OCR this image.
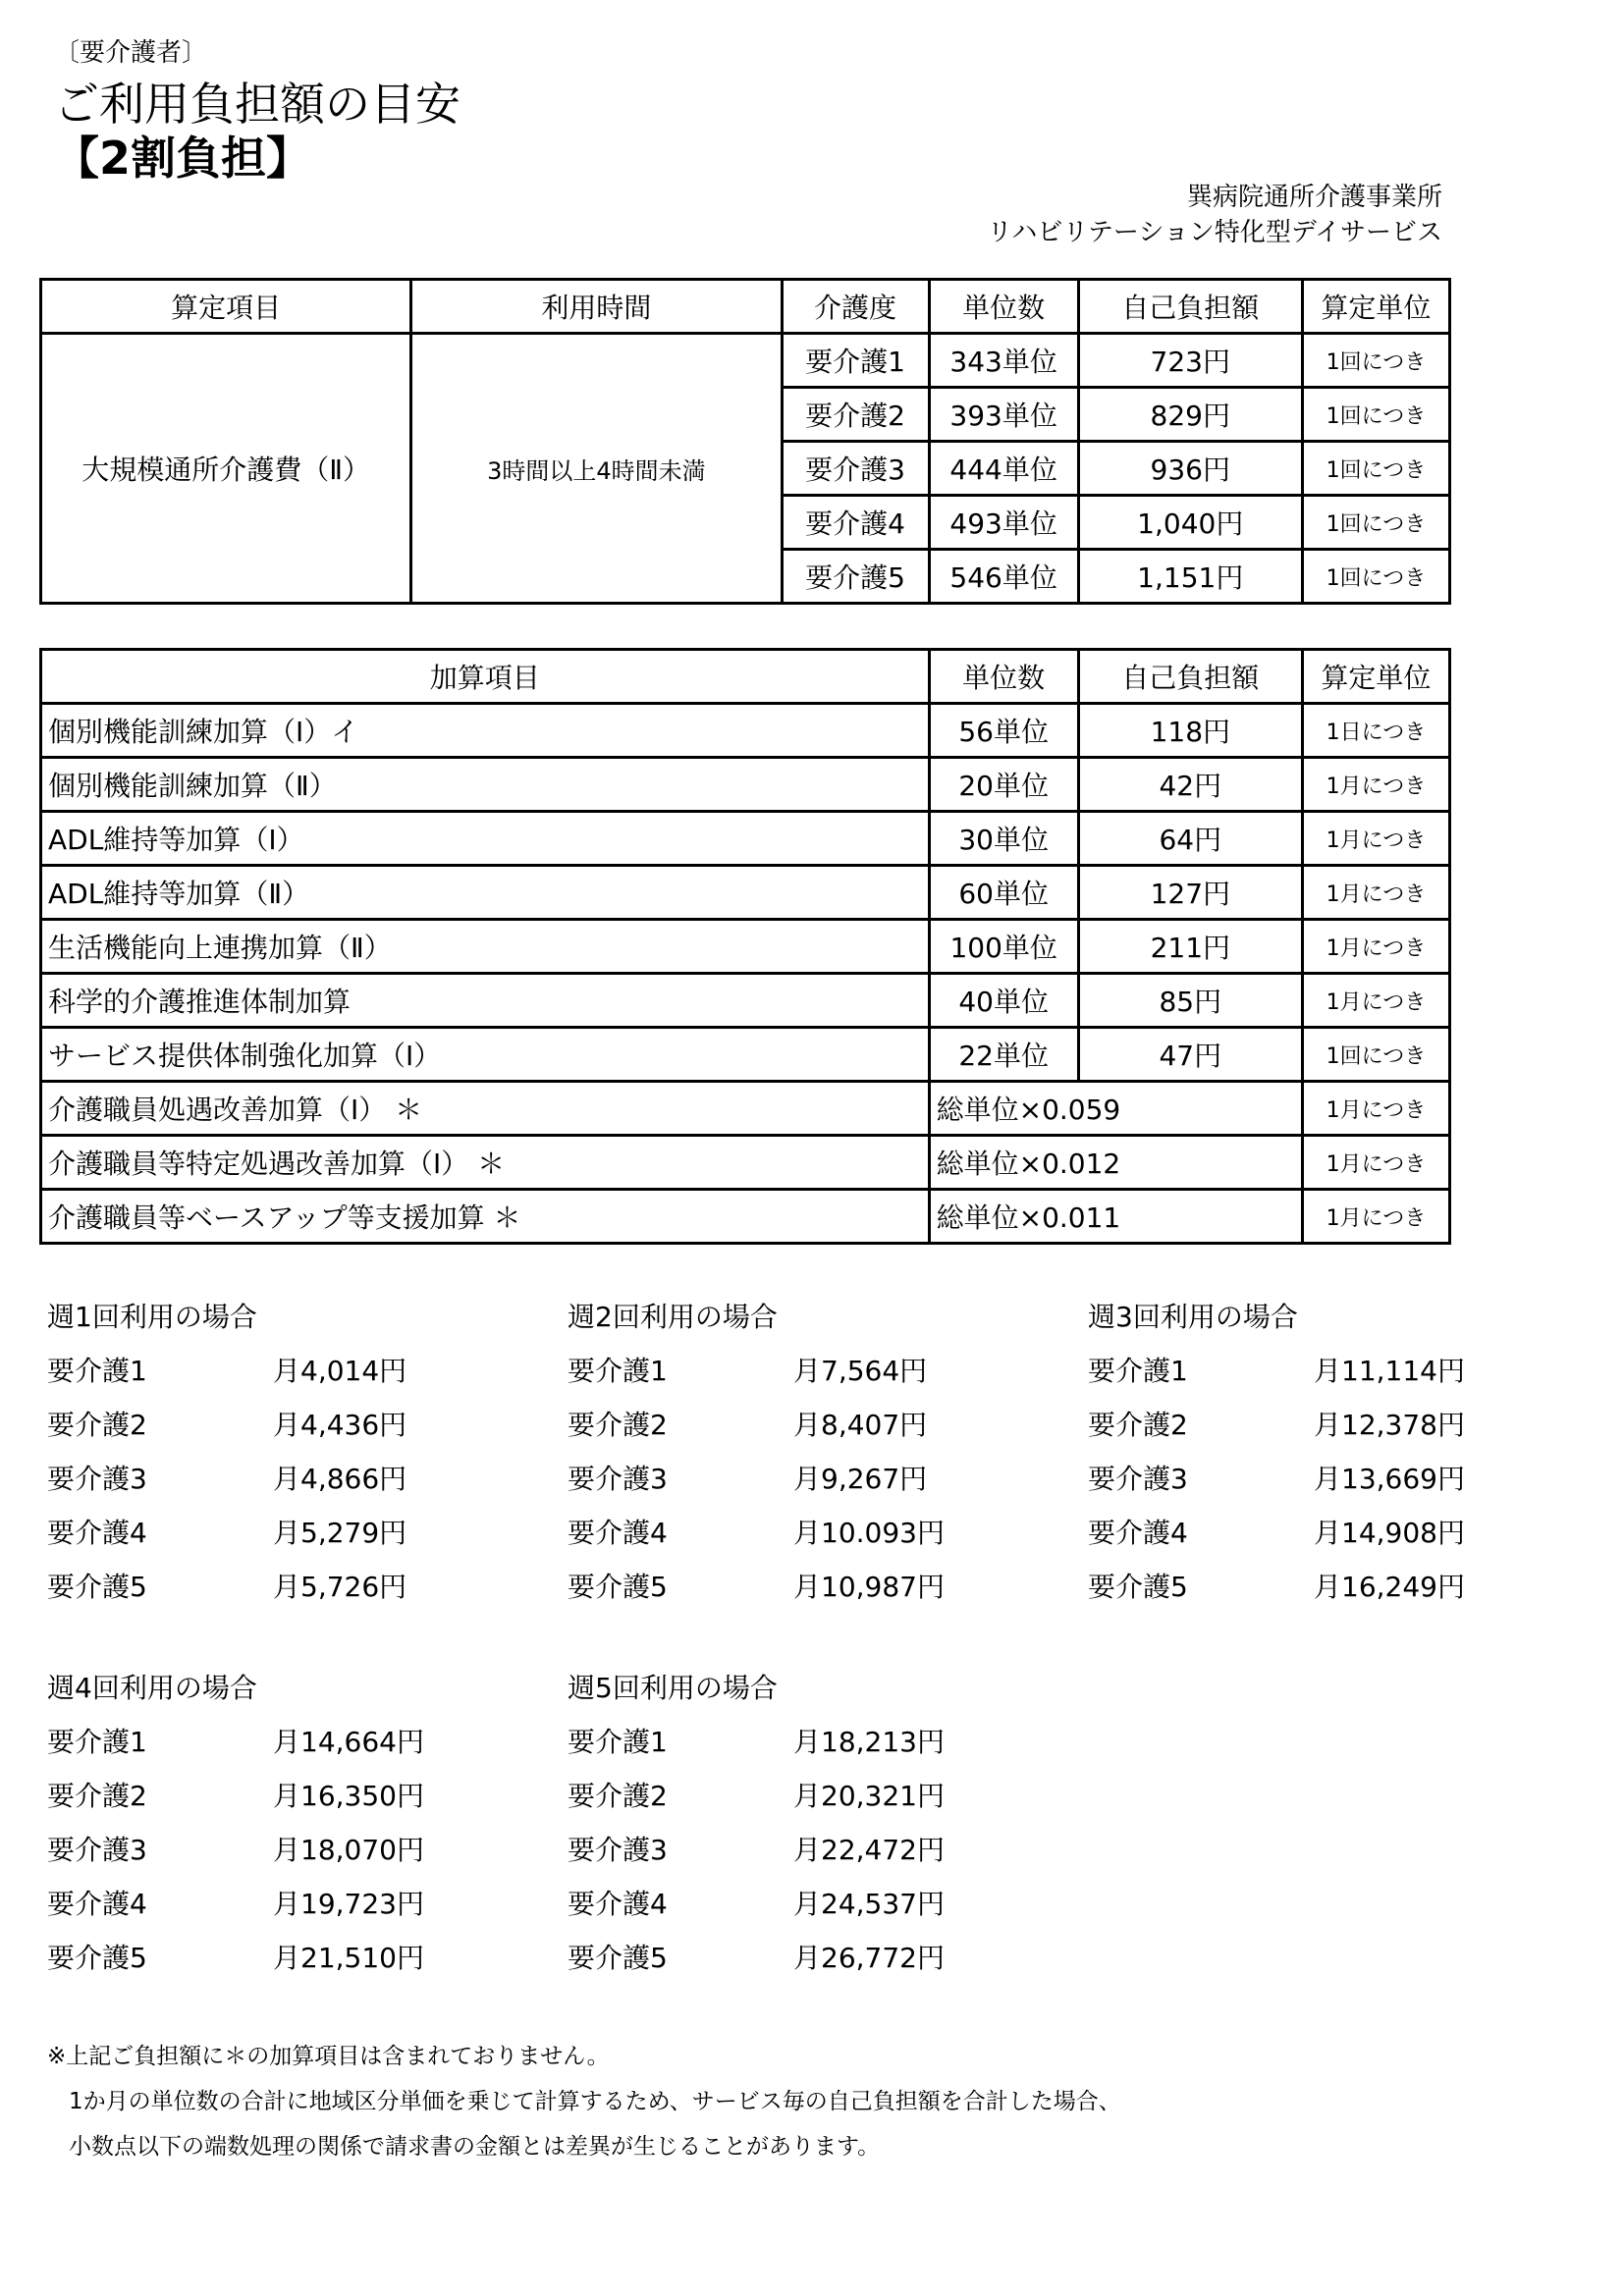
〔要介護者〕
ご利用負担額の目安
【2割負担】
巽病院通所介護事業所
リハビリテーション特化型デイサービス
算定項目	利用時間	介護度	単位数	自己負担額	算定単位
大規模通所介護費（Ⅱ）	3時間以上4時間未満	要介護1	343単位	723円	1回につき
		要介護2	393単位	829円	1回につき
		要介護3	444単位	936円	1回につき
		要介護4	493単位	1,040円	1回につき
		要介護5	546単位	1,151円	1回につき
加算項目	単位数	自己負担額	算定単位
個別機能訓練加算（Ⅰ）イ	56単位	118円	1日につき
個別機能訓練加算（Ⅱ）	20単位	42円	1月につき
ADL維持等加算（Ⅰ）	30単位	64円	1月につき
ADL維持等加算（Ⅱ）	60単位	127円	1月につき
生活機能向上連携加算（Ⅱ）	100単位	211円	1月につき
科学的介護推進体制加算	40単位	85円	1月につき
サービス提供体制強化加算（Ⅰ）	22単位	47円	1回につき
介護職員処遇改善加算（Ⅰ） ＊	総単位×0.059		1月につき
介護職員等特定処遇改善加算（Ⅰ） ＊	総単位×0.012		1月につき
介護職員等ベースアップ等支援加算 ＊	総単位×0.011		1月につき
週1回利用の場合
要介護1	月4,014円
要介護2	月4,436円
要介護3	月4,866円
要介護4	月5,279円
要介護5	月5,726円
週2回利用の場合
要介護1	月7,564円
要介護2	月8,407円
要介護3	月9,267円
要介護4	月10.093円
要介護5	月10,987円
週3回利用の場合
要介護1	月11,114円
要介護2	月12,378円
要介護3	月13,669円
要介護4	月14,908円
要介護5	月16,249円
週4回利用の場合
要介護1	月14,664円
要介護2	月16,350円
要介護3	月18,070円
要介護4	月19,723円
要介護5	月21,510円
週5回利用の場合
要介護1	月18,213円
要介護2	月20,321円
要介護3	月22,472円
要介護4	月24,537円
要介護5	月26,772円
※上記ご負担額に＊の加算項目は含まれておりません。
1か月の単位数の合計に地域区分単価を乗じて計算するため、サービス毎の自己負担額を合計した場合、
小数点以下の端数処理の関係で請求書の金額とは差異が生じることがあります。
